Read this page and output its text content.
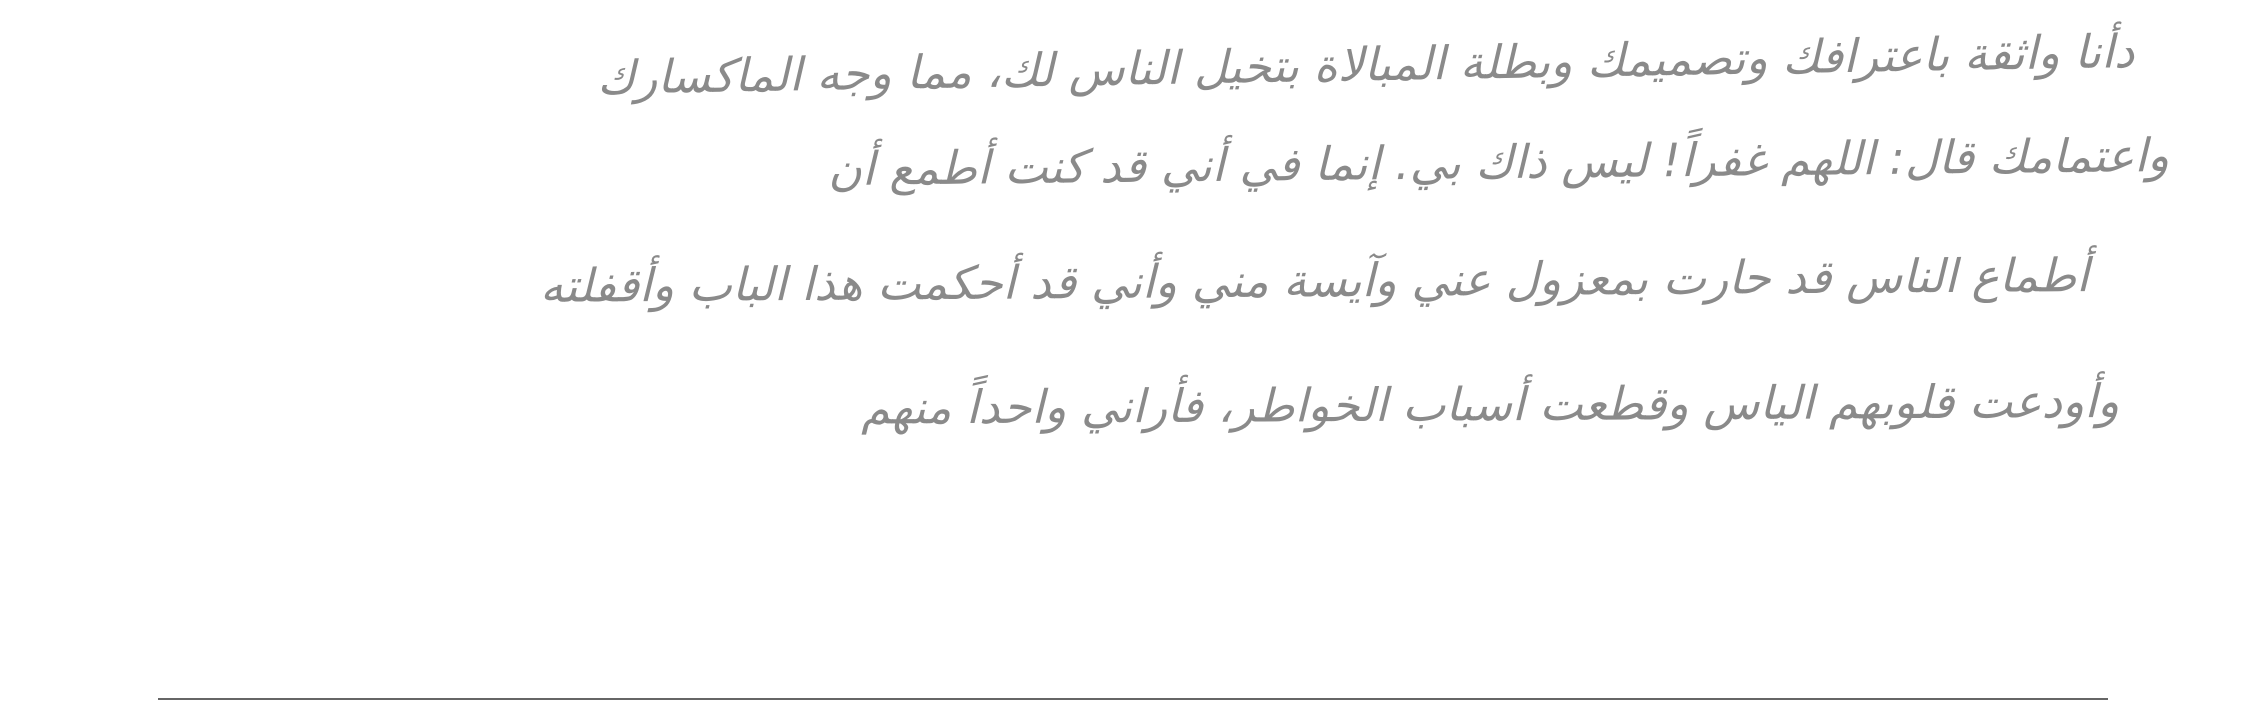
دأنا واثقة باعترافك وتصميمك وبطلة المبالاة بتخيل الناس لك، مما وجه الماكسارك
واعتمامك قال: اللهم غفراً! ليس ذاك بي. إنما في أني قد كنت أطمع أن
أطماع الناس قد حارت بمعزول عني وآيسة مني وأني قد أحكمت هذا الباب وأقفلته
وأودعت قلوبهم الياس وقطعت أسباب الخواطر، فأراني واحداً منهم
